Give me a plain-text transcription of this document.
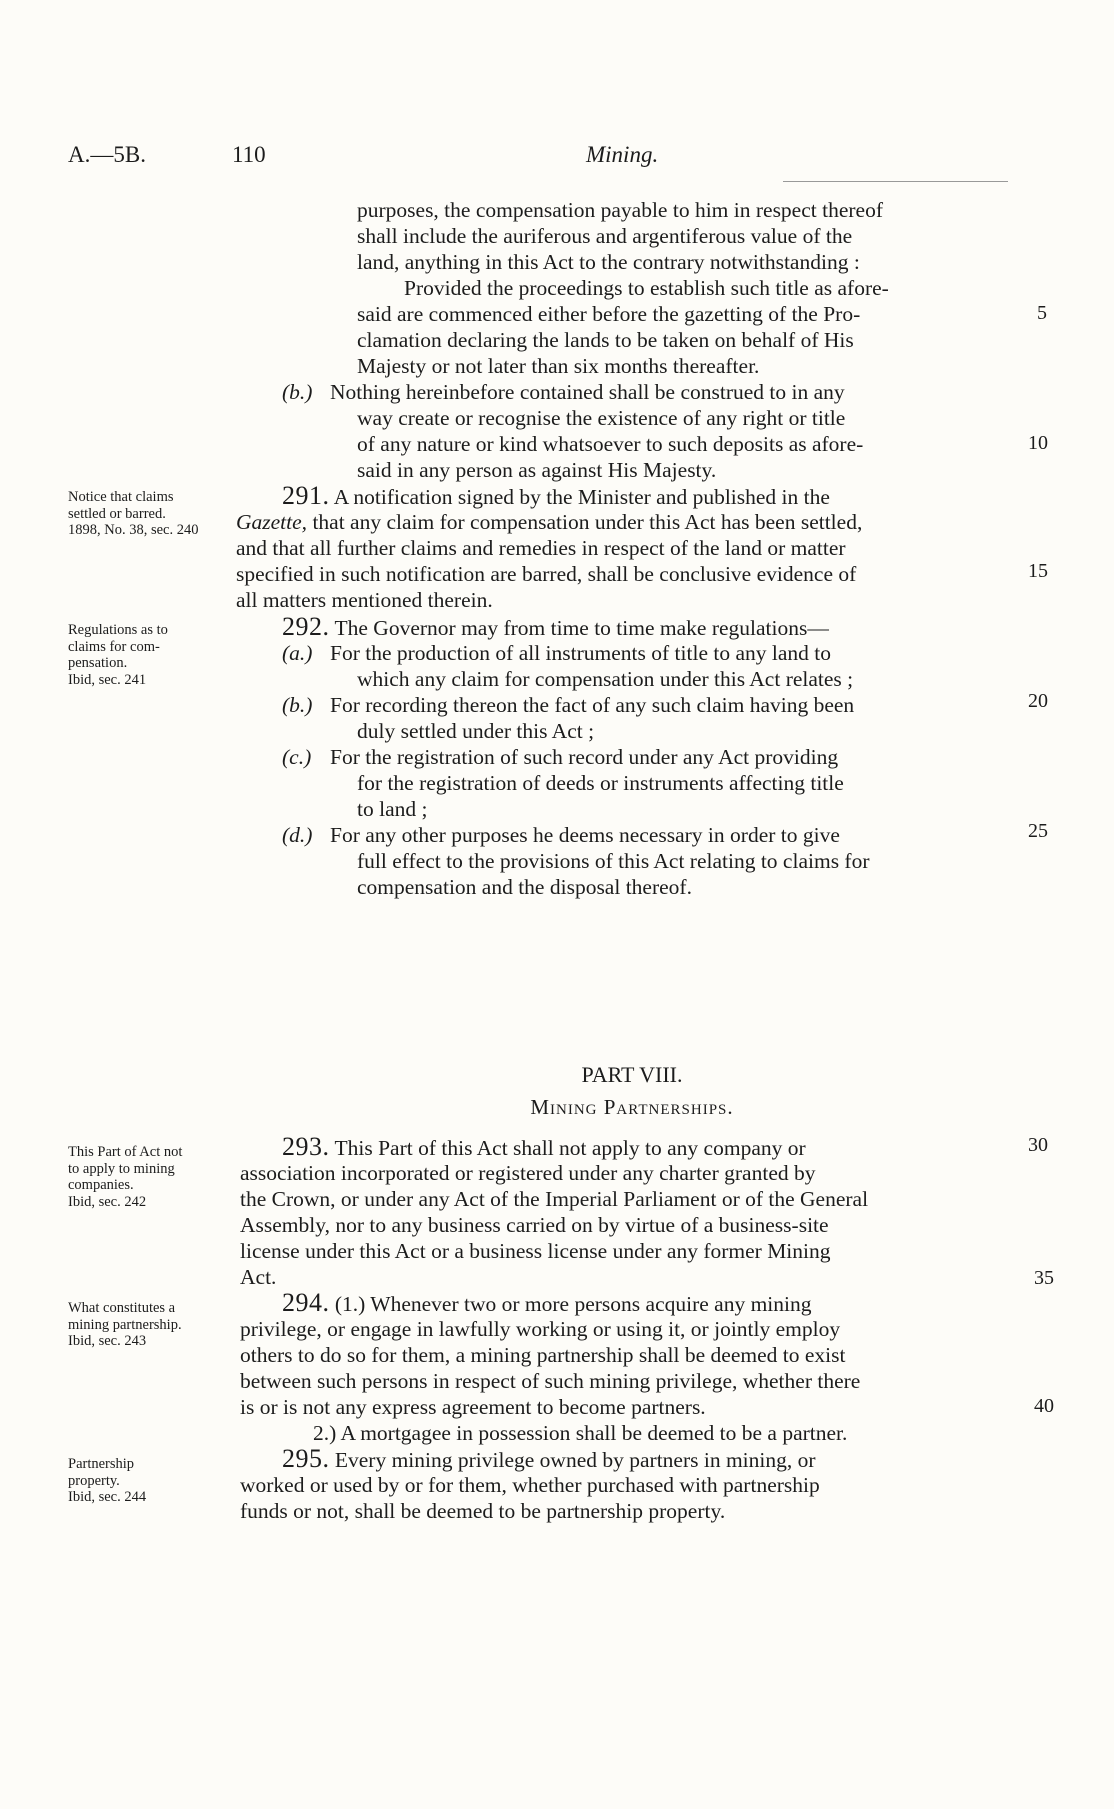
A.—5B.	110	Mining.
purposes, the compensation payable to him in respect thereof
shall include the auriferous and argentiferous value of the
land, anything in this Act to the contrary notwithstanding :
Provided the proceedings to establish such title as afore-
said are commenced either before the gazetting of the Pro-
clamation declaring the lands to be taken on behalf of His
Majesty or not later than six months thereafter.
(b.) Nothing hereinbefore contained shall be construed to in any
way create or recognise the existence of any right or title
of any nature or kind whatsoever to such deposits as afore-
said in any person as against His Majesty.
Notice that claims
settled or barred.
1898, No. 38, sec. 240
291. A notification signed by the Minister and published in the
Gazette, that any claim for compensation under this Act has been settled,
and that all further claims and remedies in respect of the land or matter
specified in such notification are barred, shall be conclusive evidence of
all matters mentioned therein.
Regulations as to
claims for com-
pensation.
Ibid, sec. 241
292. The Governor may from time to time make regulations—
(a.) For the production of all instruments of title to any land to
which any claim for compensation under this Act relates ;
(b.) For recording thereon the fact of any such claim having been
duly settled under this Act ;
(c.) For the registration of such record under any Act providing
for the registration of deeds or instruments affecting title
to land ;
(d.) For any other purposes he deems necessary in order to give
full effect to the provisions of this Act relating to claims for
compensation and the disposal thereof.
PART VIII.
Mining Partnerships.
This Part of Act not
to apply to mining
companies.
Ibid, sec. 242
293. This Part of this Act shall not apply to any company or
association incorporated or registered under any charter granted by
the Crown, or under any Act of the Imperial Parliament or of the General
Assembly, nor to any business carried on by virtue of a business-site
license under this Act or a business license under any former Mining
Act.
What constitutes a
mining partnership.
Ibid, sec. 243
294. (1.) Whenever two or more persons acquire any mining
privilege, or engage in lawfully working or using it, or jointly employ
others to do so for them, a mining partnership shall be deemed to exist
between such persons in respect of such mining privilege, whether there
is or is not any express agreement to become partners.
2.) A mortgagee in possession shall be deemed to be a partner.
Partnership
property.
Ibid, sec. 244
295. Every mining privilege owned by partners in mining, or
worked or used by or for them, whether purchased with partnership
funds or not, shall be deemed to be partnership property.
5
10
15
20
25
30
35
40
